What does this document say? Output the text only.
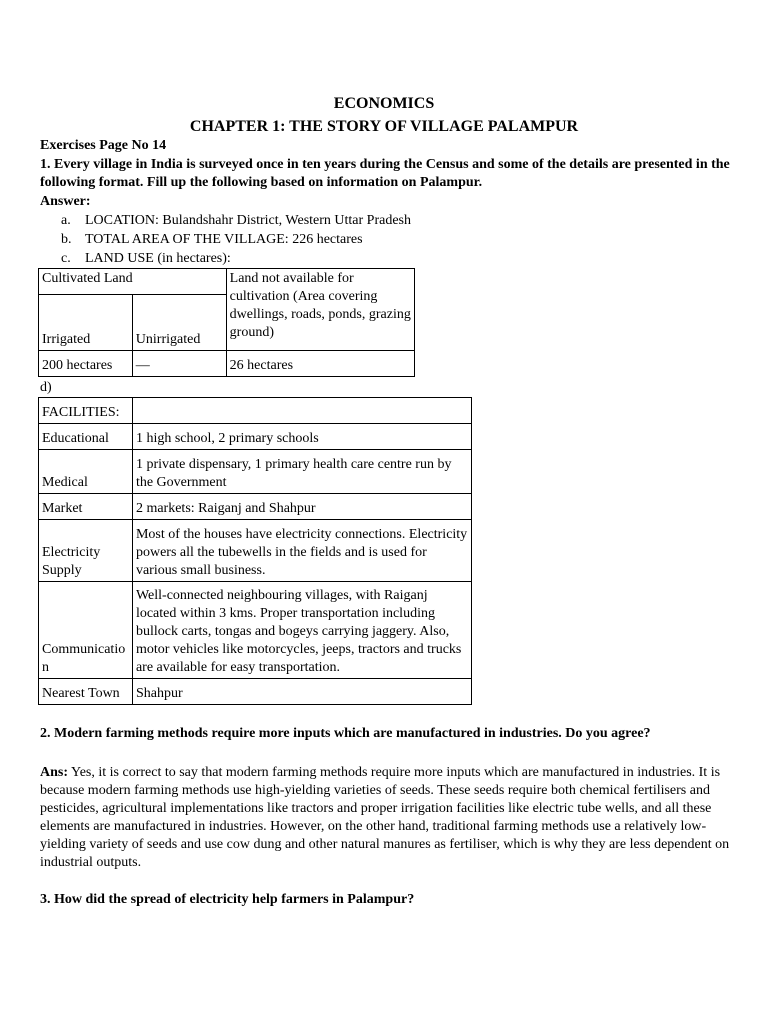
ECONOMICS
CHAPTER 1: THE STORY OF VILLAGE PALAMPUR
Exercises Page No 14
1. Every village in India is surveyed once in ten years during the Census and some of the details are presented in the following format. Fill up the following based on information on Palampur.
Answer:
a. LOCATION: Bulandshahr District, Western Uttar Pradesh
b. TOTAL AREA OF THE VILLAGE: 226 hectares
c. LAND USE (in hectares):
Cultivated Land		Land not available for cultivation (Area covering dwellings, roads, ponds, grazing ground)
Irrigated	Unirrigated	
200 hectares	—	26 hectares
d)
FACILITIES:	
Educational	1 high school, 2 primary schools
Medical	1 private dispensary, 1 primary health care centre run by the Government
Market	2 markets: Raiganj and Shahpur
Electricity Supply	Most of the houses have electricity connections. Electricity powers all the tubewells in the fields and is used for various small business.
Communication	Well-connected neighbouring villages, with Raiganj located within 3 kms. Proper transportation including bullock carts, tongas and bogeys carrying jaggery. Also, motor vehicles like motorcycles, jeeps, tractors and trucks are available for easy transportation.
Nearest Town	Shahpur
2. Modern farming methods require more inputs which are manufactured in industries. Do you agree?
Ans: Yes, it is correct to say that modern farming methods require more inputs which are manufactured in industries. It is because modern farming methods use high-yielding varieties of seeds. These seeds require both chemical fertilisers and pesticides, agricultural implementations like tractors and proper irrigation facilities like electric tube wells, and all these elements are manufactured in industries. However, on the other hand, traditional farming methods use a relatively low-yielding variety of seeds and use cow dung and other natural manures as fertiliser, which is why they are less dependent on industrial outputs.
3. How did the spread of electricity help farmers in Palampur?
